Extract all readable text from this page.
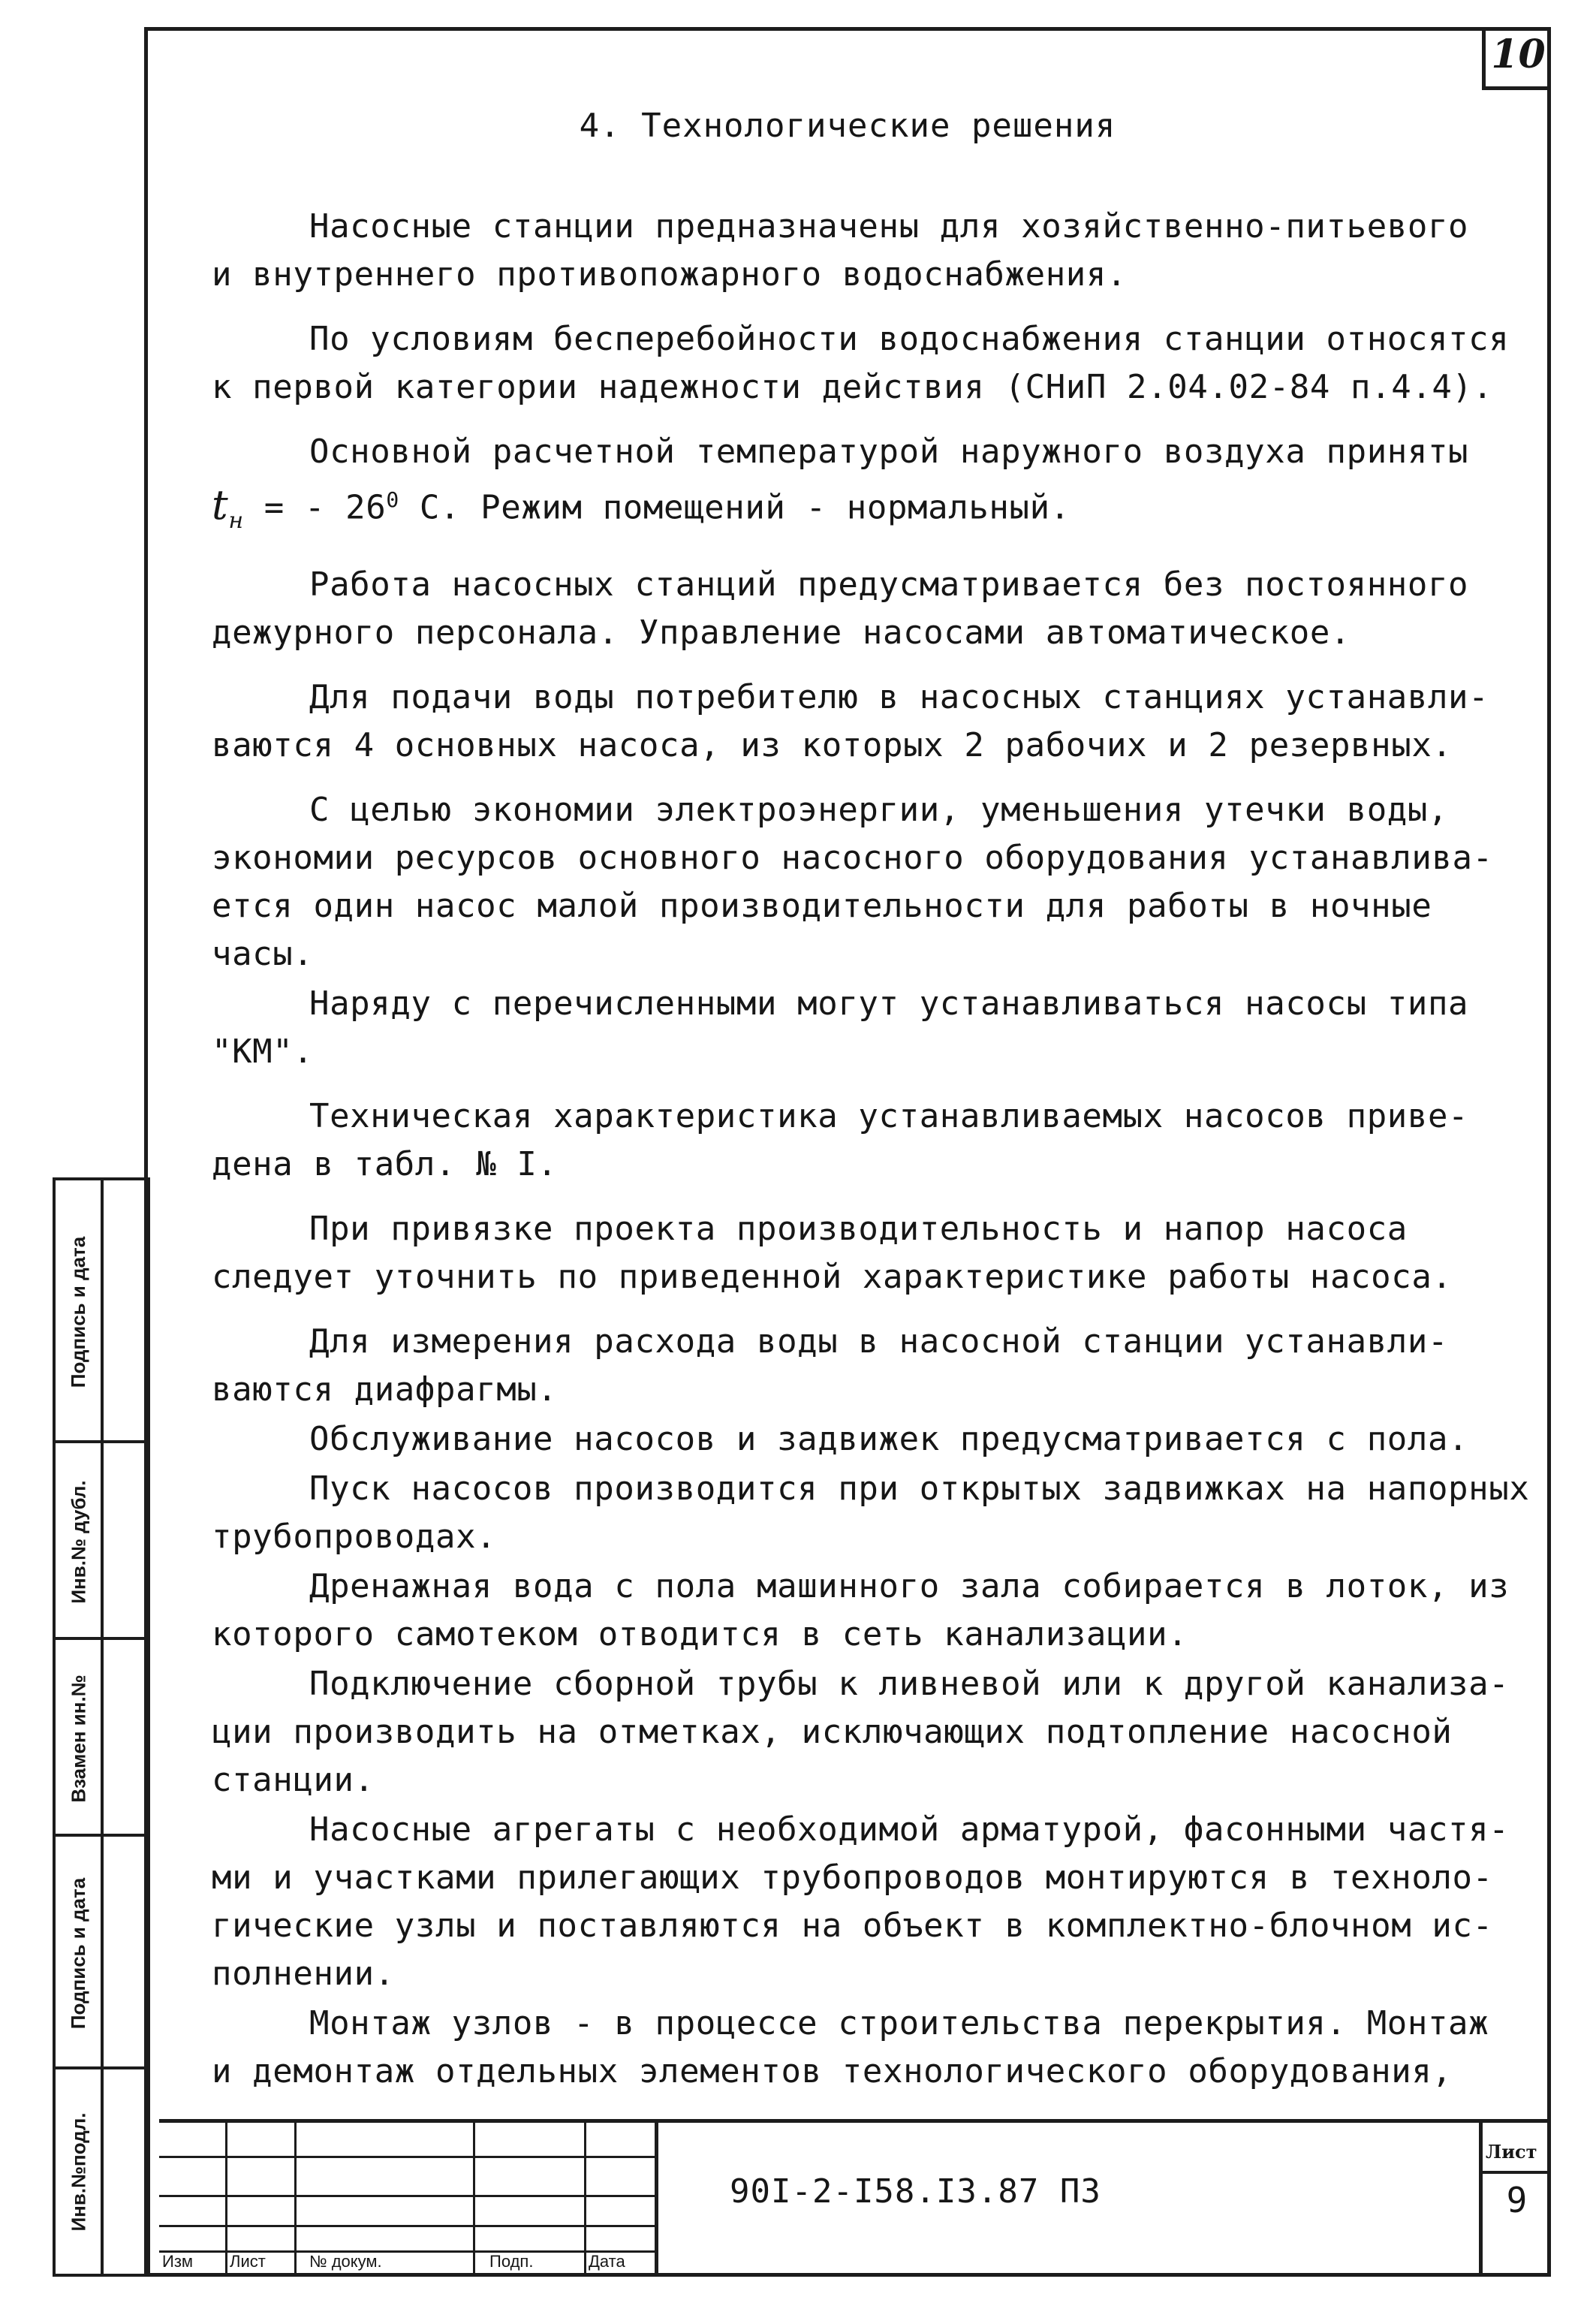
10
4. Технологические решения
Насосные станции предназначены для хозяйственно-питьевого
и внутреннего противопожарного водоснабжения.
По условиям бесперебойности водоснабжения станции относятся
к первой категории надежности действия (СНиП 2.04.02-84 п.4.4).
Основной расчетной температурой наружного воздуха приняты
$t_н$ = - $26^0$ С. Режим помещений - нормальный.
Работа насосных станций предусматривается без постоянного
дежурного персонала. Управление насосами автоматическое.
Для подачи воды потребителю в насосных станциях устанавли-
ваются 4 основных насоса, из которых 2 рабочих и 2 резервных.
С целью экономии электроэнергии, уменьшения утечки воды,
экономии ресурсов основного насосного оборудования устанавлива-
ется один насос малой производительности для работы в ночные
часы.
Наряду с перечисленными могут устанавливаться насосы типа
"КМ".
Техническая характеристика устанавливаемых насосов приве-
дена в табл. № I.
При привязке проекта производительность и напор насоса
следует уточнить по приведенной характеристике работы насоса.
Для измерения расхода воды в насосной станции устанавли-
ваются диафрагмы.
Обслуживание насосов и задвижек предусматривается с пола.
Пуск насосов производится при открытых задвижках на напорных
трубопроводах.
Дренажная вода с пола машинного зала собирается в лоток, из
которого самотеком отводится в сеть канализации.
Подключение сборной трубы к ливневой или к другой канализа-
ции производить на отметках, исключающих подтопление насосной
станции.
Насосные агрегаты с необходимой арматурой, фасонными частя-
ми и участками прилегающих трубопроводов монтируются в техноло-
гические узлы и поставляются на объект в комплектно-блочном ис-
полнении.
Монтаж узлов - в процессе строительства перекрытия. Монтаж
и демонтаж отдельных элементов технологического оборудования,
Подпись и дата
Инв.№ дубл.
Взамен ин.№
Подпись и дата
Инв.№подл.
Изм Лист	№ докум.	Подп.	Дата
90I-2-I58.I3.87 ПЗ
Лист
9
